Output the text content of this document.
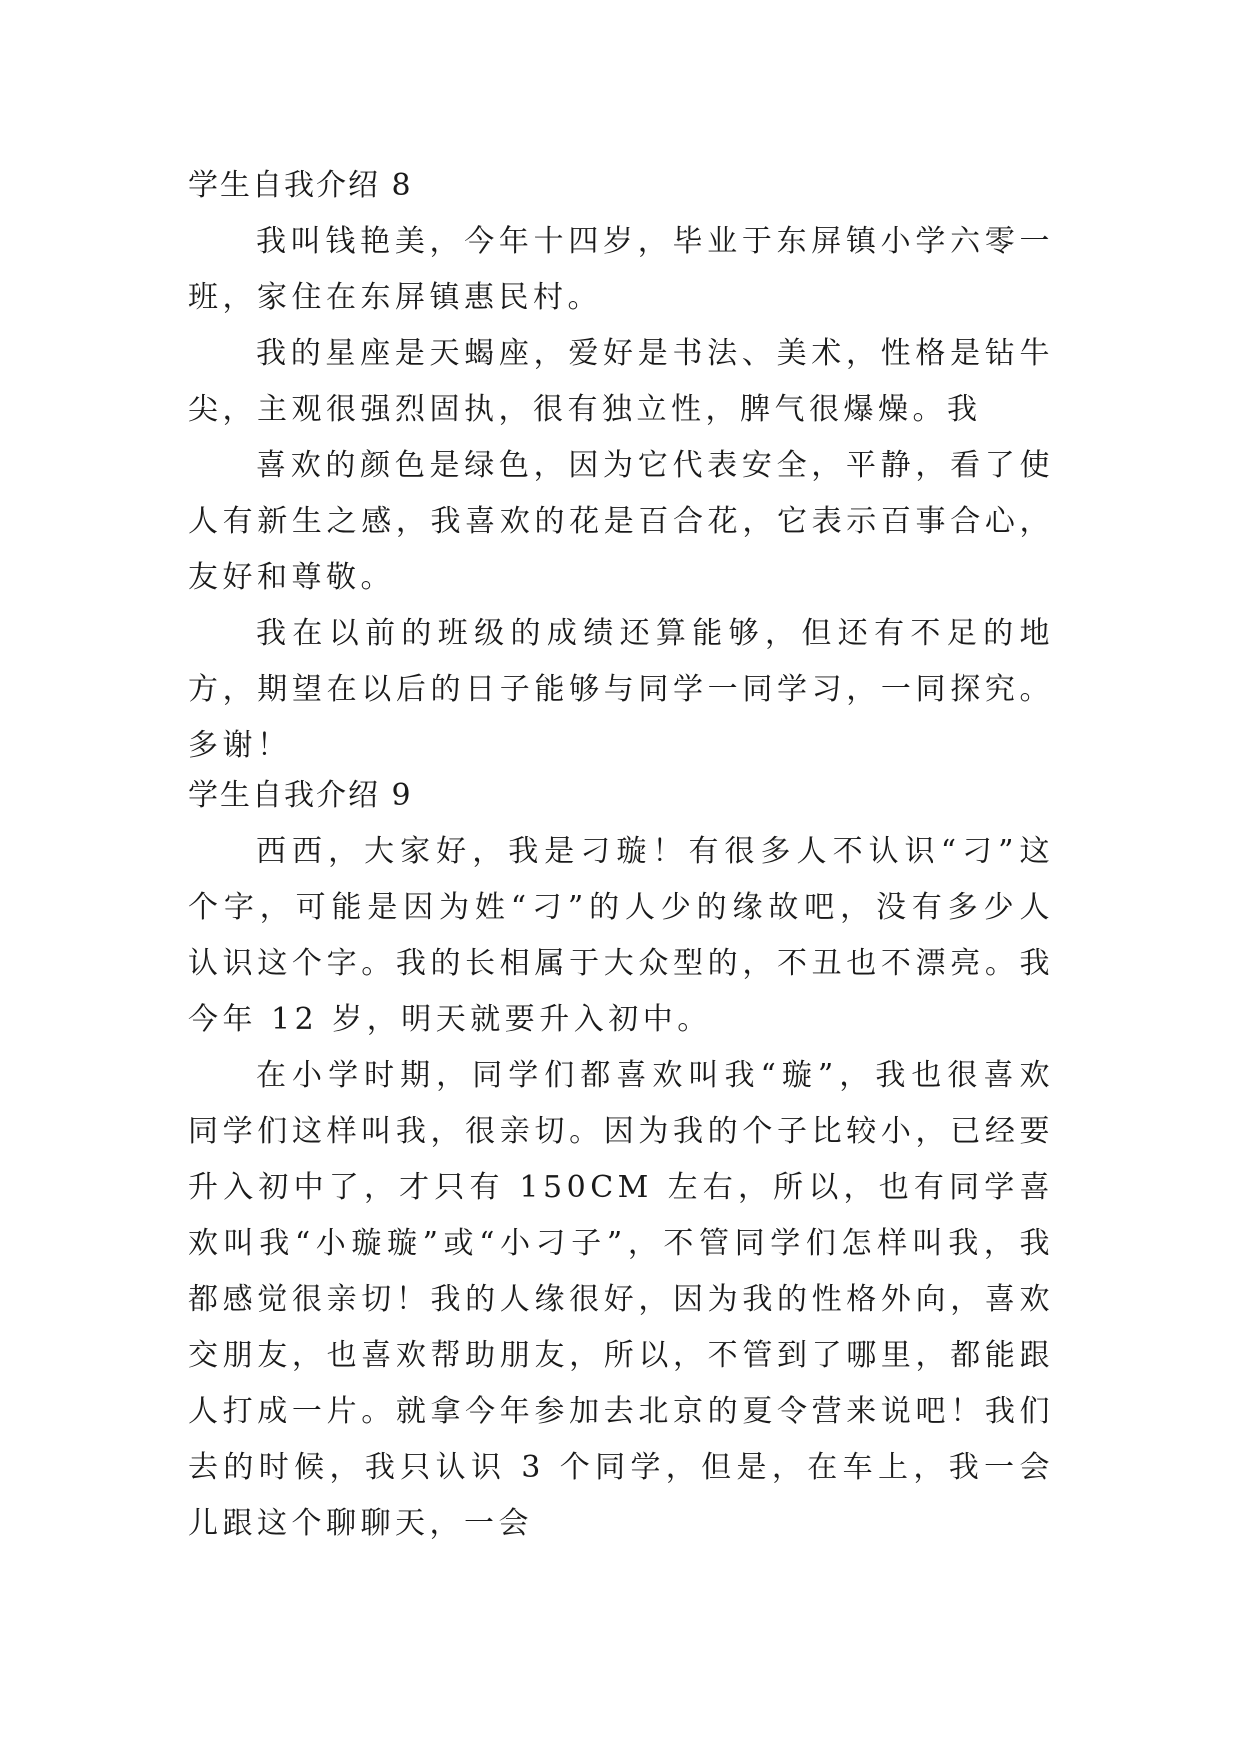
学生自我介绍 8

我叫钱艳美，今年十四岁，毕业于东屏镇小学六零一班，家住在东屏镇惠民村。

我的星座是天蝎座，爱好是书法、美术，性格是钻牛尖，主观很强烈固执，很有独立性，脾气很爆燥。我

喜欢的颜色是绿色，因为它代表安全，平静，看了使人有新生之感，我喜欢的花是百合花，它表示百事合心，友好和尊敬。

我在以前的班级的成绩还算能够，但还有不足的地方，期望在以后的日子能够与同学一同学习，一同探究。多谢！

学生自我介绍 9

西西，大家好，我是刁璇！有很多人不认识“刁”这个字，可能是因为姓“刁”的人少的缘故吧，没有多少人认识这个字。我的长相属于大众型的，不丑也不漂亮。我今年 12 岁，明天就要升入初中。

在小学时期，同学们都喜欢叫我“璇”，我也很喜欢同学们这样叫我，很亲切。因为我的个子比较小，已经要升入初中了，才只有 150CM 左右，所以，也有同学喜欢叫我“小璇璇”或“小刁子”，不管同学们怎样叫我，我都感觉很亲切！我的人缘很好，因为我的性格外向，喜欢交朋友，也喜欢帮助朋友，所以，不管到了哪里，都能跟人打成一片。就拿今年参加去北京的夏令营来说吧！我们去的时候，我只认识 3 个同学，但是，在车上，我一会儿跟这个聊聊天，一会
